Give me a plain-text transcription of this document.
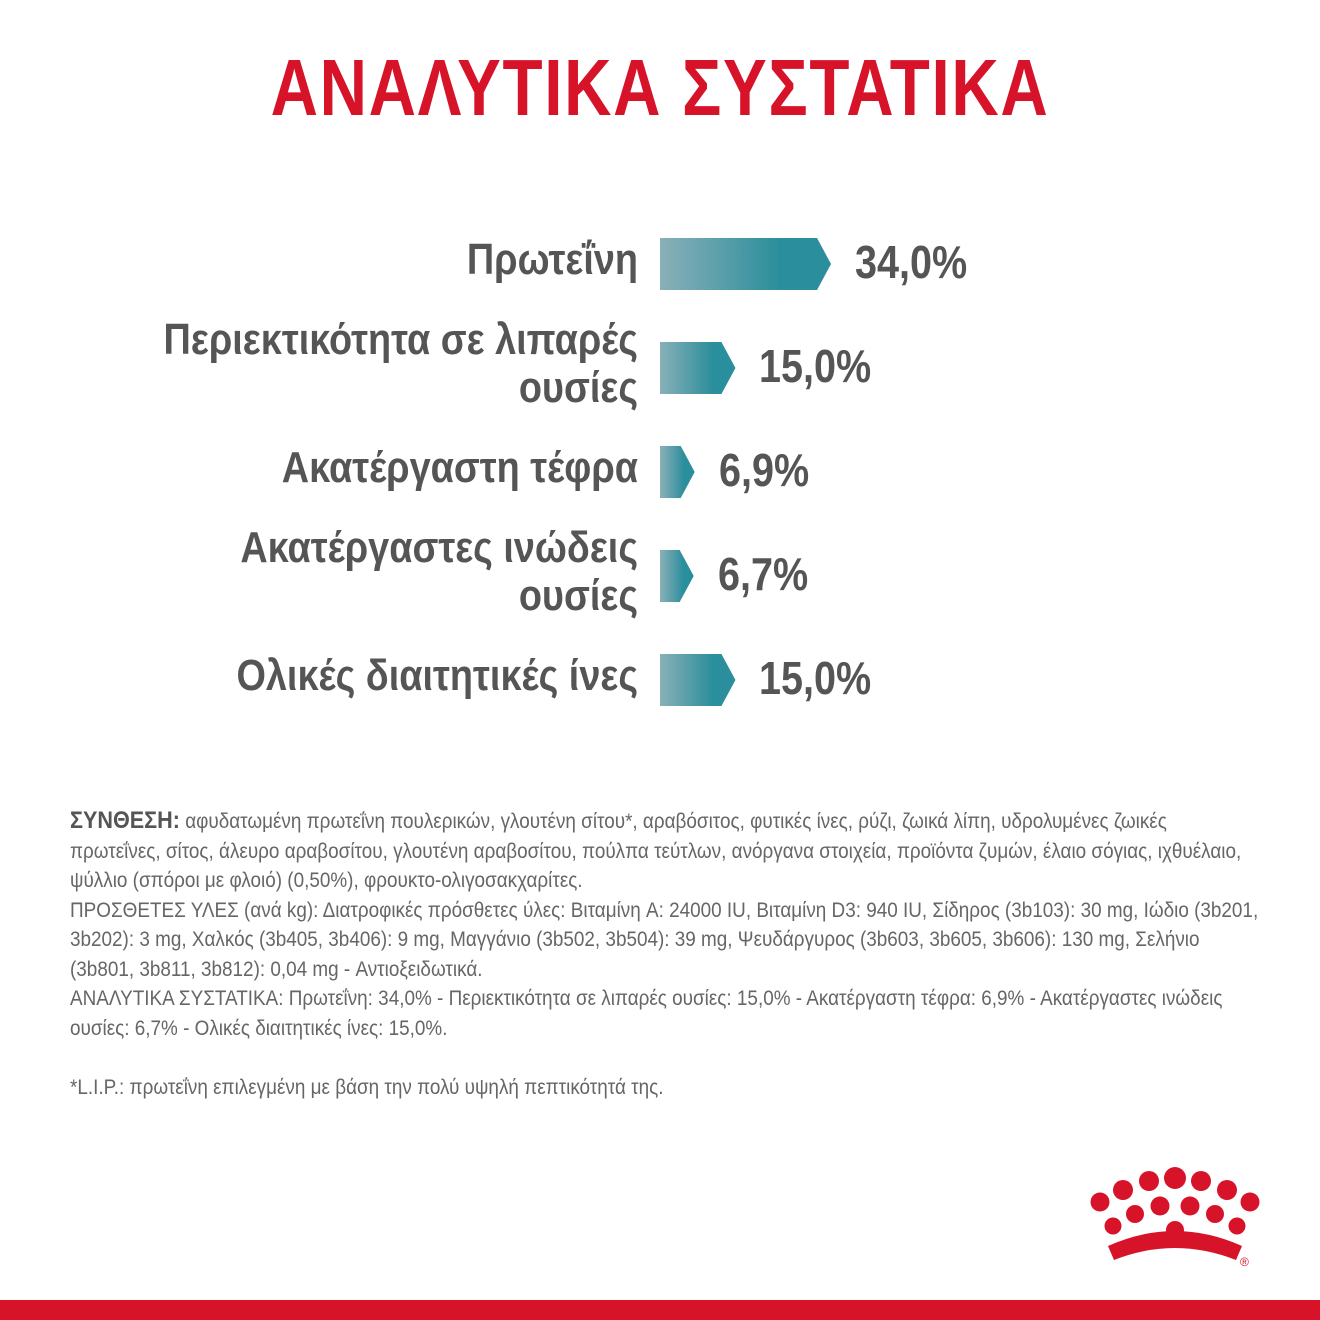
ΑΝΑΛΥΤΙΚΑ ΣΥΣΤΑΤΙΚΑ
Πρωτεΐνη	34,0%
Περιεκτικότητα σε λιπαρές
ουσίες	15,0%
Ακατέργαστη τέφρα 6,9%
Ακατέργαστες ινώδεις
ουσίες 6,7%
Ολικές διαιτητικές ίνες	15,0%

ΣΥΝΘΕΣΗ: αφυδατωμένη πρωτεΐνη πουλερικών, γλουτένη σίτου*, αραβόσιτος, φυτικές ίνες, ρύζι, ζωικά λίπη, υδρολυμένες ζωικές πρωτεΐνες, σίτος, άλευρο αραβοσίτου, γλουτένη αραβοσίτου, πούλπα τεύτλων, ανόργανα στοιχεία, προϊόντα ζυμών, έλαιο σόγιας, ιχθυέλαιο, ψύλλιο (σπόροι με φλοιό) (0,50%), φρουκτο-ολιγοσακχαρίτες.

ΠΡΟΣΘΕΤΕΣ ΥΛΕΣ (ανά kg): Διατροφικές πρόσθετες ύλες: Βιταμίνη A: 24000 IU, Βιταμίνη D3: 940 IU, Σίδηρος (3b103): 30 mg, Ιώδιο (3b201, 3b202): 3 mg, Χαλκός (3b405, 3b406): 9 mg, Μαγγάνιο (3b502, 3b504): 39 mg, Ψευδάργυρος (3b603, 3b605, 3b606): 130 mg, Σελήνιο (3b801, 3b811, 3b812): 0,04 mg - Αντιοξειδωτικά.

ΑΝΑΛΥΤΙΚΑ ΣΥΣΤΑΤΙΚΑ: Πρωτεΐνη: 34,0% - Περιεκτικότητα σε λιπαρές ουσίες: 15,0% - Ακατέργαστη τέφρα: 6,9% - Ακατέργαστες ινώδεις ουσίες: 6,7% - Ολικές διαιτητικές ίνες: 15,0%.

*L.I.P.: πρωτεΐνη επιλεγμένη με βάση την πολύ υψηλή πεπτικότητά της.

®
